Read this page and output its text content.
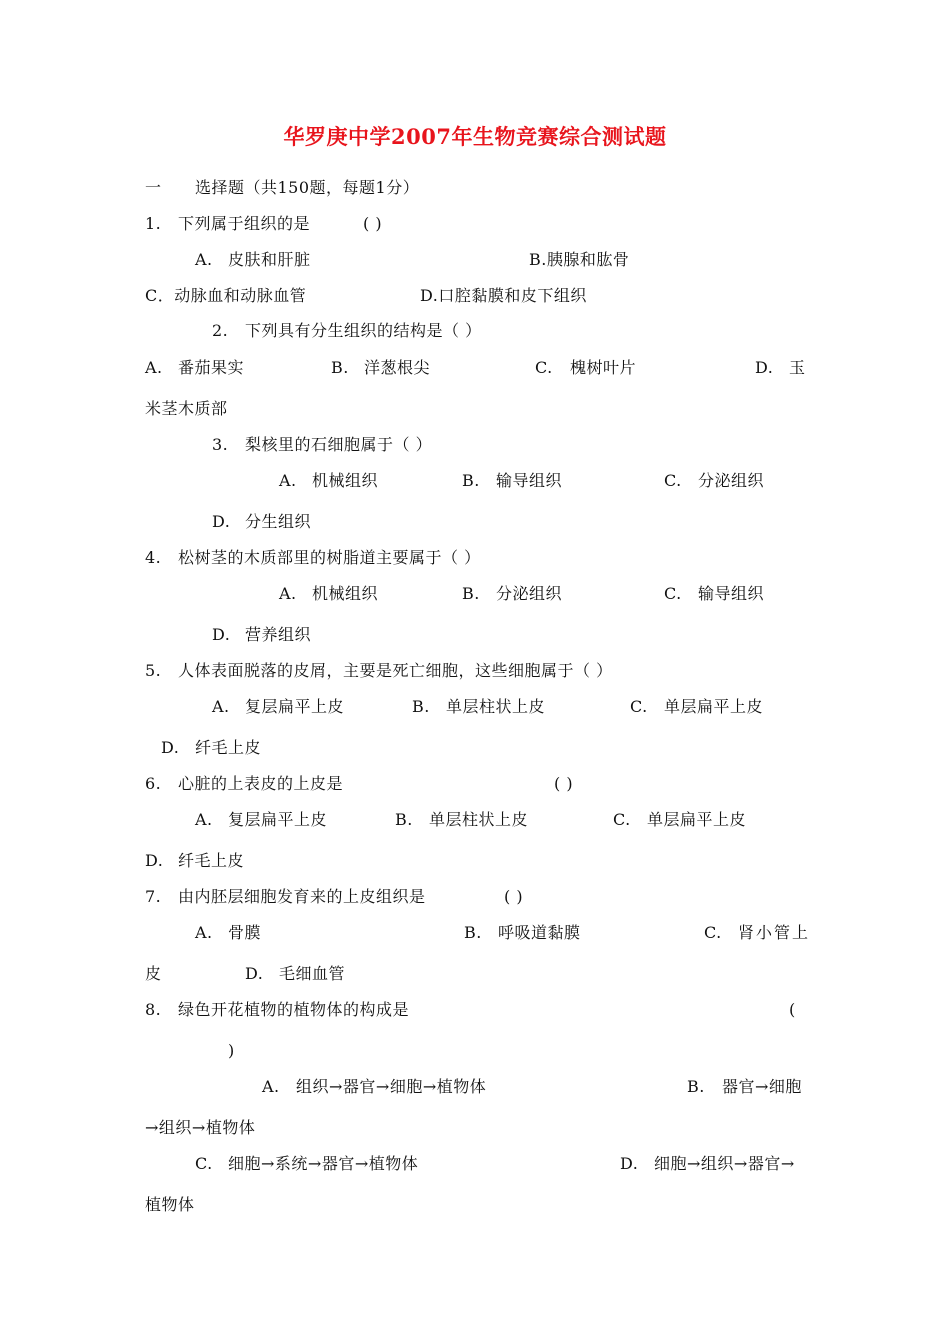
华罗庚中学2007年生物竞赛综合测试题
一 选择题（共150题，每题1分）
1. 下列属于组织的是	( )
A. 皮肤和肝脏	B.胰腺和肱骨
C．动脉血和动脉血管	D.口腔黏膜和皮下组织
2. 下列具有分生组织的结构是（ ）
A. 番茄果实	B. 洋葱根尖	C. 槐树叶片	D. 玉
米茎木质部
3. 梨核里的石细胞属于（ ）
A. 机械组织	B. 输导组织	C. 分泌组织
D. 分生组织
4. 松树茎的木质部里的树脂道主要属于（ ）
A. 机械组织	B. 分泌组织	C. 输导组织
D. 营养组织
5. 人体表面脱落的皮屑，主要是死亡细胞，这些细胞属于（ ）
A. 复层扁平上皮	B. 单层柱状上皮	C. 单层扁平上皮
D. 纤毛上皮
6. 心脏的上表皮的上皮是	( )
A. 复层扁平上皮	B. 单层柱状上皮	C. 单层扁平上皮
D. 纤毛上皮
7. 由内胚层细胞发育来的上皮组织是	( )
A. 骨膜	B. 呼吸道黏膜	C. 肾小管上
皮	D. 毛细血管
8. 绿色开花植物的植物体的构成是	(
)
A. 组织→器官→细胞→植物体	B. 器官→细胞
→组织→植物体
C. 细胞→系统→器官→植物体	D. 细胞→组织→器官→
植物体
